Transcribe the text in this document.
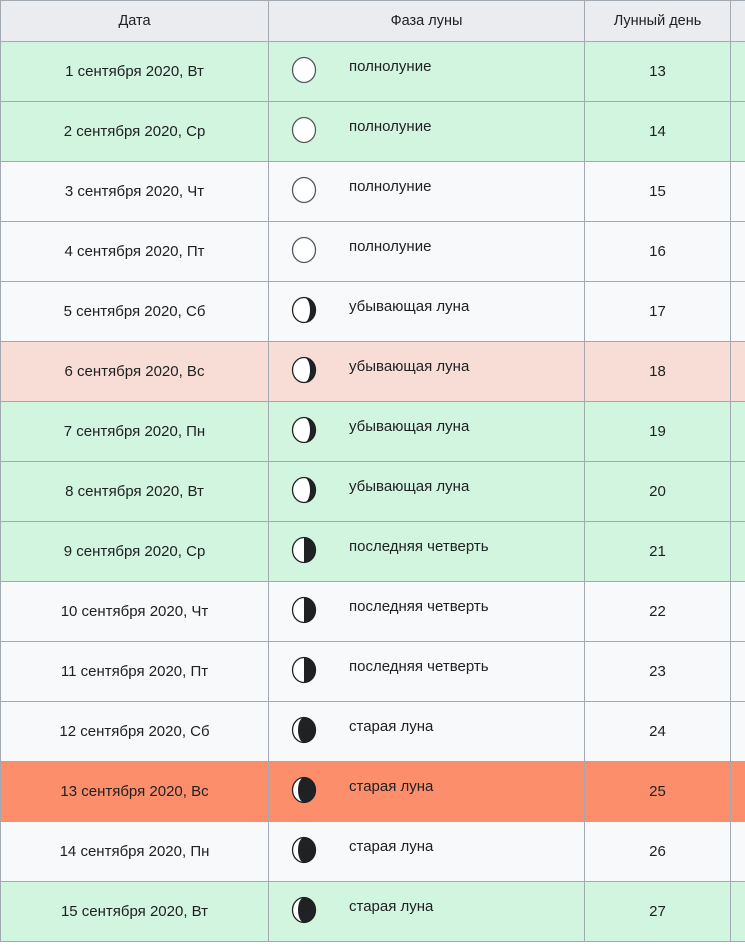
Дата	Фаза луны	Лунный день	
1 сентября 2020, Вт	полнолуние	13	
2 сентября 2020, Ср	полнолуние	14	
3 сентября 2020, Чт	полнолуние	15	
4 сентября 2020, Пт	полнолуние	16	
5 сентября 2020, Сб	убывающая луна	17	
6 сентября 2020, Вс	убывающая луна	18	
7 сентября 2020, Пн	убывающая луна	19	
8 сентября 2020, Вт	убывающая луна	20	
9 сентября 2020, Ср	последняя четверть	21	
10 сентября 2020, Чт	последняя четверть	22	
11 сентября 2020, Пт	последняя четверть	23	
12 сентября 2020, Сб	старая луна	24	
13 сентября 2020, Вс	старая луна	25	
14 сентября 2020, Пн	старая луна	26	
15 сентября 2020, Вт	старая луна	27	
